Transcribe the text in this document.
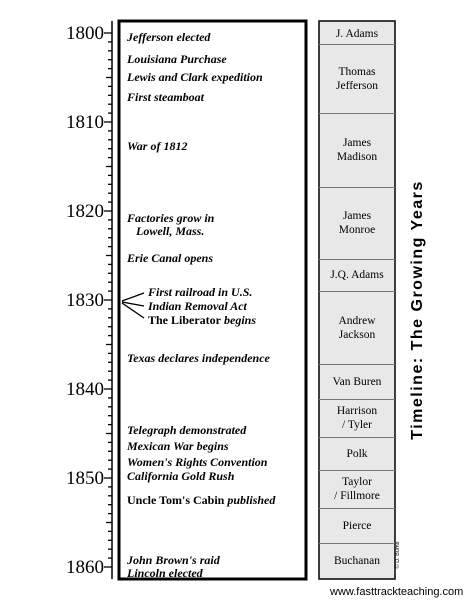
1800
1810
1820
1830
1840
1850
1860
Jefferson elected
Louisiana Purchase
Lewis and Clark expedition
First steamboat
War of 1812
Factories grow in
Lowell, Mass.
Erie Canal opens
First railroad in U.S.
Indian Removal Act
The Liberator begins
Texas declares independence
Telegraph demonstrated
Mexican War begins
Women's Rights Convention
California Gold Rush
Uncle Tom's Cabin published
John Brown's raid
Lincoln elected
J. Adams
Thomas
Jefferson
James
Madison
James
Monroe
J.Q. Adams
Andrew
Jackson
Van Buren
Harrison
/ Tyler
Polk
Taylor
/ Fillmore
Pierce
Buchanan
Timeline: The Growing Years
© D. Burns
www.fasttrackteaching.com
